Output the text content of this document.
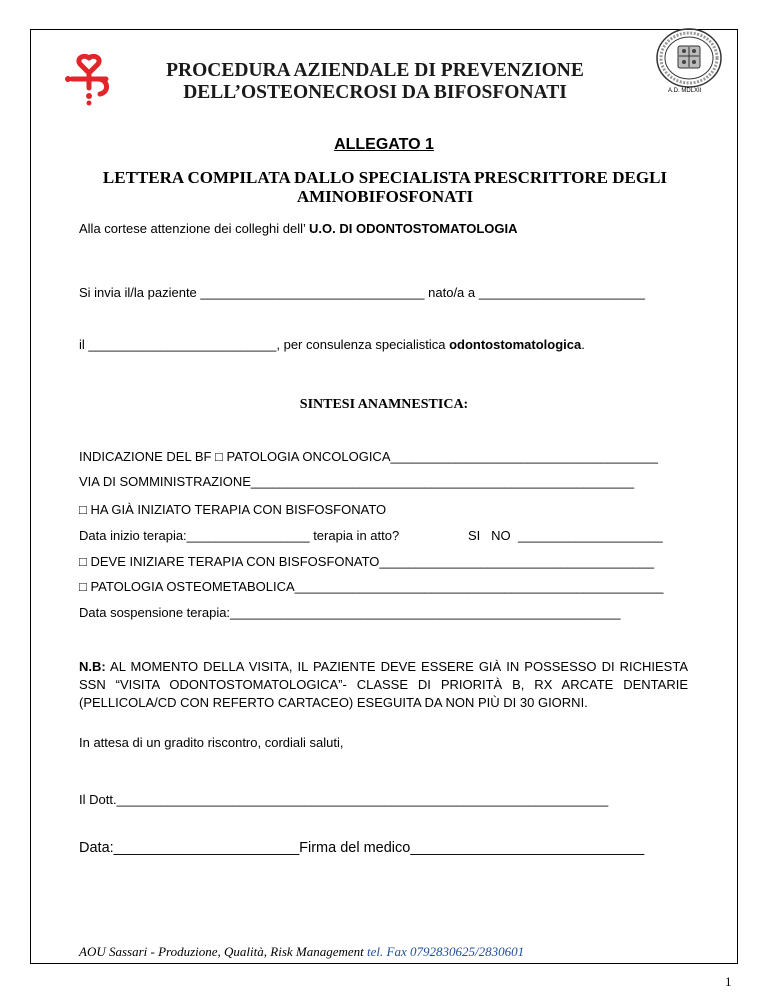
PROCEDURA AZIENDALE DI PREVENZIONE
DELL’OSTEONECROSI DA BIFOSFONATI	A.D. MDLXII
ALLEGATO 1
LETTERA COMPILATA DALLO SPECIALISTA PRESCRITTORE DEGLI
AMINOBIFOSFONATI
Alla cortese attenzione dei colleghi dell’ U.O. DI ODONTOSTOMATOLOGIA
Si invia il/la paziente _______________________________ nato/a a _______________________
il __________________________, per consulenza specialistica odontostomatologica.
SINTESI ANAMNESTICA:
INDICAZIONE DEL BF □ PATOLOGIA ONCOLOGICA_____________________________________
VIA DI SOMMINISTRAZIONE_____________________________________________________
□ HA GIÀ INIZIATO TERAPIA CON BISFOSFONATO
Data inizio terapia:_________________ terapia in atto?	SI   NO ____________________
□ DEVE INIZIARE TERAPIA CON BISFOSFONATO______________________________________
□ PATOLOGIA OSTEOMETABOLICA___________________________________________________
Data sospensione terapia:______________________________________________________
N.B: AL MOMENTO DELLA VISITA, IL PAZIENTE DEVE ESSERE GIÀ IN POSSESSO DI RICHIESTA SSN “VISITA ODONTOSTOMATOLOGICA”- CLASSE DI PRIORITÀ B, RX ARCATE DENTARIE (PELLICOLA/CD CON REFERTO CARTACEO) ESEGUITA DA NON PIÙ DI 30 GIORNI.
In attesa di un gradito riscontro, cordiali saluti,
Il Dott.____________________________________________________________________
Data:_______________________Firma del medico_____________________________
AOU Sassari - Produzione, Qualità, Risk Management tel. Fax 0792830625/2830601
1
